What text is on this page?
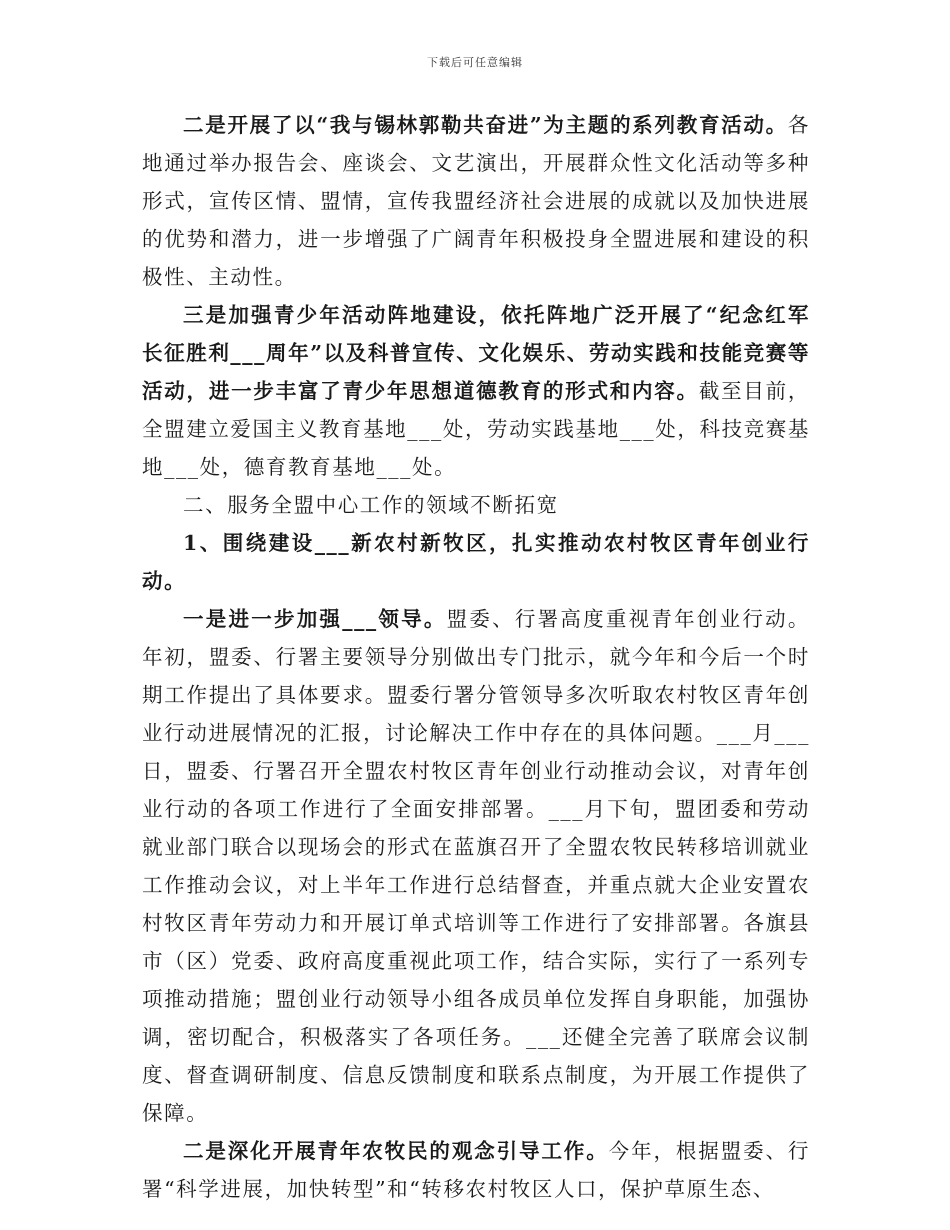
下载后可任意编辑

二是开展了以“我与锡林郭勒共奋进”为主题的系列教育活动。各地通过举办报告会、座谈会、文艺演出，开展群众性文化活动等多种形式，宣传区情、盟情，宣传我盟经济社会进展的成就以及加快进展的优势和潜力，进一步增强了广阔青年积极投身全盟进展和建设的积极性、主动性。

三是加强青少年活动阵地建设，依托阵地广泛开展了“纪念红军长征胜利___周年”以及科普宣传、文化娱乐、劳动实践和技能竞赛等活动，进一步丰富了青少年思想道德教育的形式和内容。截至目前，全盟建立爱国主义教育基地___处，劳动实践基地___处，科技竞赛基地___处，德育教育基地___处。

二、服务全盟中心工作的领域不断拓宽

1、围绕建设___新农村新牧区，扎实推动农村牧区青年创业行动。

一是进一步加强___领导。盟委、行署高度重视青年创业行动。年初，盟委、行署主要领导分别做出专门批示，就今年和今后一个时期工作提出了具体要求。盟委行署分管领导多次听取农村牧区青年创业行动进展情况的汇报，讨论解决工作中存在的具体问题。___月___日，盟委、行署召开全盟农村牧区青年创业行动推动会议，对青年创业行动的各项工作进行了全面安排部署。___月下旬，盟团委和劳动就业部门联合以现场会的形式在蓝旗召开了全盟农牧民转移培训就业工作推动会议，对上半年工作进行总结督查，并重点就大企业安置农村牧区青年劳动力和开展订单式培训等工作进行了安排部署。各旗县市（区）党委、政府高度重视此项工作，结合实际，实行了一系列专项推动措施；盟创业行动领导小组各成员单位发挥自身职能，加强协调，密切配合，积极落实了各项任务。___还健全完善了联席会议制度、督查调研制度、信息反馈制度和联系点制度，为开展工作提供了保障。

二是深化开展青年农牧民的观念引导工作。今年，根据盟委、行署“科学进展，加快转型”和“转移农村牧区人口，保护草原生态、
